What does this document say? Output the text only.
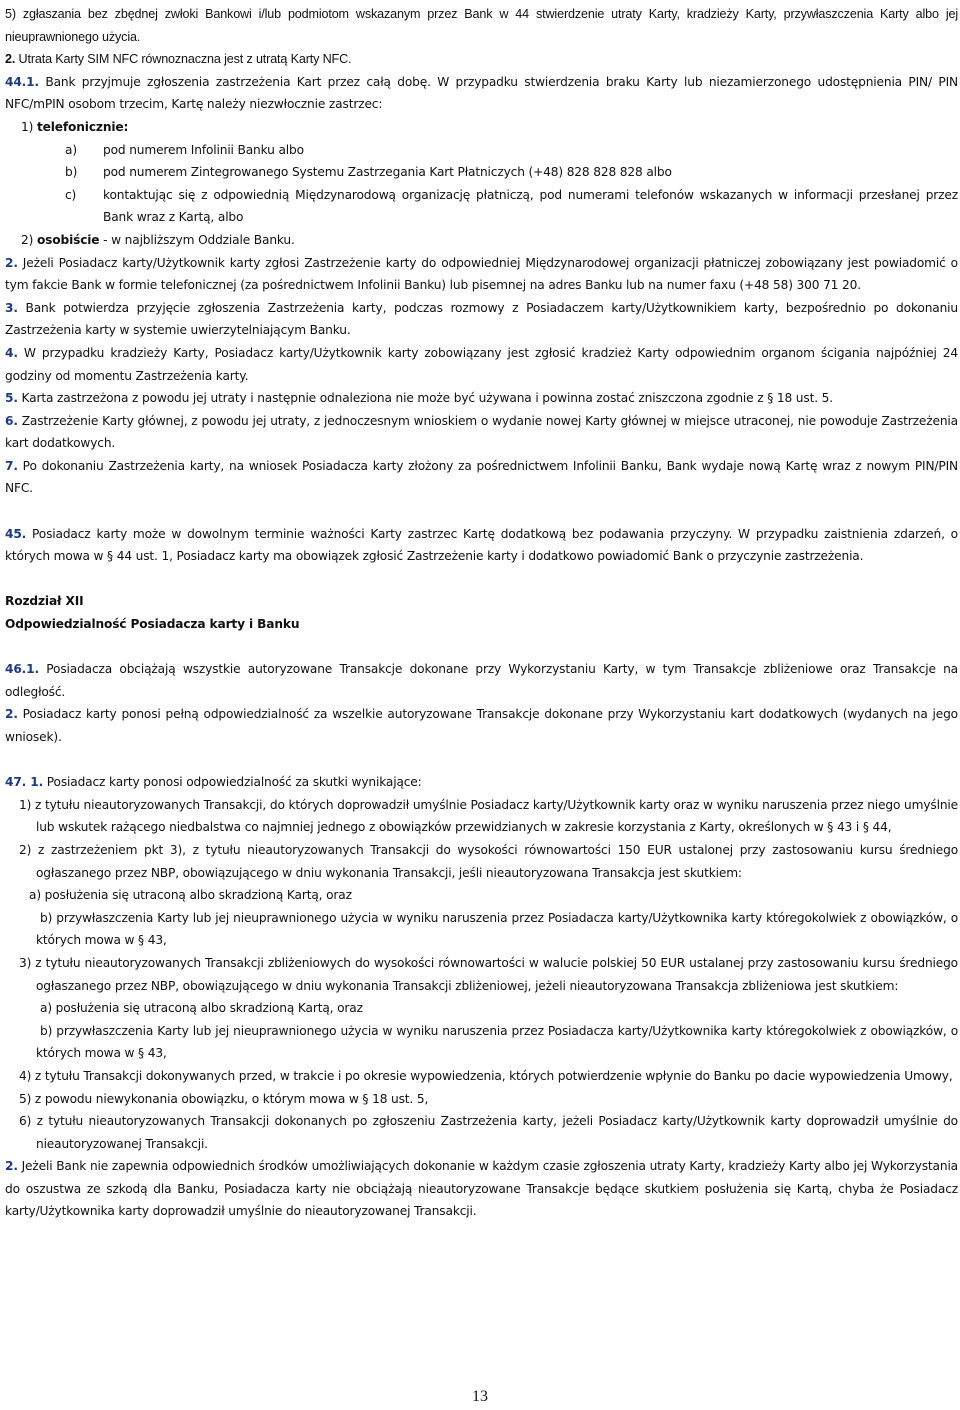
5) zgłaszania bez zbędnej zwłoki Bankowi i/lub podmiotom wskazanym przez Bank w 44 stwierdzenie utraty Karty, kradzieży Karty, przywłaszczenia Karty albo jej nieuprawnionego użycia.

2. Utrata Karty SIM NFC równoznaczna jest z utratą Karty NFC.

44.1. Bank przyjmuje zgłoszenia zastrzeżenia Kart przez całą dobę. W przypadku stwierdzenia braku Karty lub niezamierzonego udostępnienia PIN/ PIN NFC/mPIN osobom trzecim, Kartę należy niezwłocznie zastrzec:

1) telefonicznie:

a) pod numerem Infolinii Banku albo

b) pod numerem Zintegrowanego Systemu Zastrzegania Kart Płatniczych (+48) 828 828 828 albo

c) kontaktując się z odpowiednią Międzynarodową organizację płatniczą, pod numerami telefonów wskazanych w informacji przesłanej przez Bank wraz z Kartą, albo

2) osobiście - w najbliższym Oddziale Banku.

2. Jeżeli Posiadacz karty/Użytkownik karty zgłosi Zastrzeżenie karty do odpowiedniej Międzynarodowej organizacji płatniczej zobowiązany jest powiadomić o tym fakcie Bank w formie telefonicznej (za pośrednictwem Infolinii Banku) lub pisemnej na adres Banku lub na numer faxu (+48 58) 300 71 20.

3. Bank potwierdza przyjęcie zgłoszenia Zastrzeżenia karty, podczas rozmowy z Posiadaczem karty/Użytkownikiem karty, bezpośrednio po dokonaniu Zastrzeżenia karty w systemie uwierzytelniającym Banku.

4. W przypadku kradzieży Karty, Posiadacz karty/Użytkownik karty zobowiązany jest zgłosić kradzież Karty odpowiednim organom ścigania najpóźniej 24 godziny od momentu Zastrzeżenia karty.

5. Karta zastrzeżona z powodu jej utraty i następnie odnaleziona nie może być używana i powinna zostać zniszczona zgodnie z § 18 ust. 5.

6. Zastrzeżenie Karty głównej, z powodu jej utraty, z jednoczesnym wnioskiem o wydanie nowej Karty głównej w miejsce utraconej, nie powoduje Zastrzeżenia kart dodatkowych.

7. Po dokonaniu Zastrzeżenia karty, na wniosek Posiadacza karty złożony za pośrednictwem Infolinii Banku, Bank wydaje nową Kartę wraz z nowym PIN/PIN NFC.

45. Posiadacz karty może w dowolnym terminie ważności Karty zastrzec Kartę dodatkową bez podawania przyczyny. W przypadku zaistnienia zdarzeń, o których mowa w § 44 ust. 1, Posiadacz karty ma obowiązek zgłosić Zastrzeżenie karty i dodatkowo powiadomić Bank o przyczynie zastrzeżenia.

Rozdział XII

Odpowiedzialność Posiadacza karty i Banku

46.1. Posiadacza obciążają wszystkie autoryzowane Transakcje dokonane przy Wykorzystaniu Karty, w tym Transakcje zbliżeniowe oraz Transakcje na odległość.

2. Posiadacz karty ponosi pełną odpowiedzialność za wszelkie autoryzowane Transakcje dokonane przy Wykorzystaniu kart dodatkowych (wydanych na jego wniosek).

47. 1. Posiadacz karty ponosi odpowiedzialność za skutki wynikające:

1) z tytułu nieautoryzowanych Transakcji, do których doprowadził umyślnie Posiadacz karty/Użytkownik karty oraz w wyniku naruszenia przez niego umyślnie lub wskutek rażącego niedbalstwa co najmniej jednego z obowiązków przewidzianych w zakresie korzystania z Karty, określonych w § 43 i § 44,

2) z zastrzeżeniem pkt 3), z tytułu nieautoryzowanych Transakcji do wysokości równowartości 150 EUR ustalonej przy zastosowaniu kursu średniego ogłaszanego przez NBP, obowiązującego w dniu wykonania Transakcji, jeśli nieautoryzowana Transakcja jest skutkiem:

a) posłużenia się utraconą albo skradzioną Kartą, oraz

b) przywłaszczenia Karty lub jej nieuprawnionego użycia w wyniku naruszenia przez Posiadacza karty/Użytkownika karty któregokolwiek z obowiązków, o których mowa w § 43,

3) z tytułu nieautoryzowanych Transakcji zbliżeniowych do wysokości równowartości w walucie polskiej 50 EUR ustalanej przy zastosowaniu kursu średniego ogłaszanego przez NBP, obowiązującego w dniu wykonania Transakcji zbliżeniowej, jeżeli nieautoryzowana Transakcja zbliżeniowa jest skutkiem:

a) posłużenia się utraconą albo skradzioną Kartą, oraz

b) przywłaszczenia Karty lub jej nieuprawnionego użycia w wyniku naruszenia przez Posiadacza karty/Użytkownika karty któregokolwiek z obowiązków, o których mowa w § 43,

4) z tytułu Transakcji dokonywanych przed, w trakcie i po okresie wypowiedzenia, których potwierdzenie wpłynie do Banku po dacie wypowiedzenia Umowy,

5) z powodu niewykonania obowiązku, o którym mowa w § 18 ust. 5,

6) z tytułu nieautoryzowanych Transakcji dokonanych po zgłoszeniu Zastrzeżenia karty, jeżeli Posiadacz karty/Użytkownik karty doprowadził umyślnie do nieautoryzowanej Transakcji.

2. Jeżeli Bank nie zapewnia odpowiednich środków umożliwiających dokonanie w każdym czasie zgłoszenia utraty Karty, kradzieży Karty albo jej Wykorzystania do oszustwa ze szkodą dla Banku, Posiadacza karty nie obciążają nieautoryzowane Transakcje będące skutkiem posłużenia się Kartą, chyba że Posiadacz karty/Użytkownika karty doprowadził umyślnie do nieautoryzowanej Transakcji.

13
